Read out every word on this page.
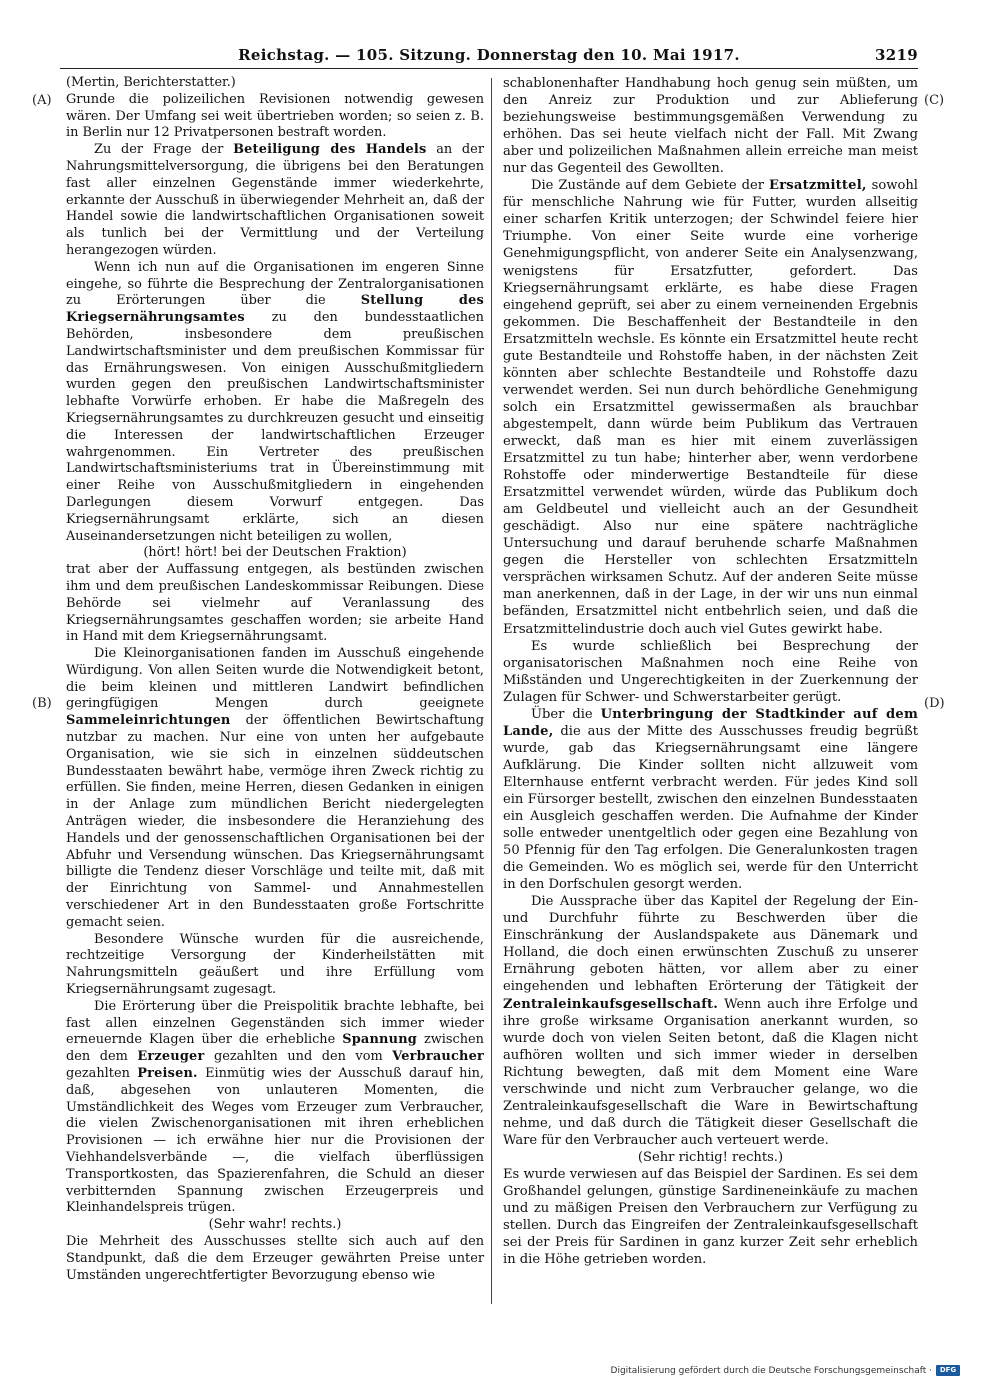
Reichstag. — 105. Sitzung. Donnerstag den 10. Mai 1917.	3219
(A)
(B)
(C)
(D)

(Mertin, Berichterstatter.)

Grunde die polizeilichen Revisionen notwendig gewesen wären. Der Umfang sei weit übertrieben worden; so seien z. B. in Berlin nur 12 Privatpersonen bestraft worden.

Zu der Frage der Beteiligung des Handels an der Nahrungsmittelversorgung, die übrigens bei den Beratungen fast aller einzelnen Gegenstände immer wiederkehrte, erkannte der Ausschuß in überwiegender Mehrheit an, daß der Handel sowie die landwirtschaftlichen Organisationen soweit als tunlich bei der Vermittlung und der Verteilung herangezogen würden.

Wenn ich nun auf die Organisationen im engeren Sinne eingehe, so führte die Besprechung der Zentralorganisationen zu Erörterungen über die	Stellung des Kriegsernährungsamtes zu den bundesstaatlichen Behörden, insbesondere dem preußischen Landwirtschaftsminister und dem preußischen Kommissar für das Ernährungswesen. Von einigen Ausschußmitgliedern wurden gegen den preußischen Landwirtschaftsminister lebhafte Vorwürfe erhoben. Er habe die Maßregeln des Kriegsernährungsamtes zu durchkreuzen gesucht und einseitig die Interessen der landwirtschaftlichen Erzeuger wahrgenommen. Ein Vertreter des preußischen Landwirtschaftsministeriums trat in Übereinstimmung mit einer Reihe von Ausschußmitgliedern in eingehenden Darlegungen diesem Vorwurf entgegen. Das Kriegsernährungsamt erklärte, sich an diesen Auseinandersetzungen nicht beteiligen zu wollen,

(hört! hört! bei der Deutschen Fraktion)

trat aber der Auffassung entgegen, als bestünden zwischen ihm und dem preußischen Landeskommissar Reibungen. Diese Behörde sei vielmehr auf Veranlassung des Kriegsernährungsamtes geschaffen worden; sie arbeite Hand in Hand mit dem Kriegsernährungsamt.

Die Kleinorganisationen fanden im Ausschuß eingehende Würdigung. Von allen Seiten wurde die Notwendigkeit betont, die beim kleinen und mittleren Landwirt befindlichen geringfügigen Mengen durch geeignete Sammeleinrichtungen der öffentlichen Bewirtschaftung nutzbar zu machen. Nur eine von unten her aufgebaute Organisation, wie sie sich in einzelnen süddeutschen Bundesstaaten bewährt habe, vermöge ihren Zweck richtig zu erfüllen. Sie finden, meine Herren, diesen Gedanken in einigen in der Anlage zum mündlichen Bericht niedergelegten Anträgen wieder, die insbesondere die Heranziehung des Handels und der genossenschaftlichen Organisationen bei der Abfuhr und Versendung wünschen. Das Kriegsernährungsamt billigte die Tendenz dieser Vorschläge und teilte mit, daß mit der Einrichtung von Sammel- und Annahmestellen verschiedener Art in den Bundesstaaten große Fortschritte gemacht seien.

Besondere Wünsche wurden für die ausreichende, rechtzeitige Versorgung der Kinderheilstätten mit Nahrungsmitteln geäußert und ihre Erfüllung vom Kriegsernährungsamt zugesagt.

Die Erörterung über die Preispolitik brachte lebhafte, bei fast allen einzelnen Gegenständen sich immer wieder erneuernde Klagen über die erhebliche Spannung zwischen den dem Erzeuger gezahlten und den vom Verbraucher gezahlten Preisen. Einmütig wies der Ausschuß darauf hin, daß, abgesehen von unlauteren Momenten, die Umständlichkeit des Weges vom Erzeuger zum Verbraucher, die vielen Zwischenorganisationen mit ihren erheblichen Provisionen — ich erwähne hier nur die Provisionen der Viehhandelsverbände —, die vielfach überflüssigen Transportkosten, das Spazierenfahren, die Schuld an dieser verbitternden Spannung zwischen Erzeugerpreis und Kleinhandelspreis trügen.

(Sehr wahr! rechts.)

Die Mehrheit des Ausschusses stellte sich auch auf den Standpunkt, daß die dem Erzeuger gewährten Preise unter Umständen ungerechtfertigter Bevorzugung ebenso wie

schablonenhafter Handhabung hoch genug sein müßten, um den Anreiz zur Produktion und zur Ablieferung beziehungsweise bestimmungsgemäßen Verwendung zu erhöhen. Das sei heute vielfach nicht der Fall. Mit Zwang aber und polizeilichen Maßnahmen allein erreiche man meist nur das Gegenteil des Gewollten.

Die Zustände auf dem Gebiete der Ersatzmittel, sowohl für menschliche Nahrung wie für Futter, wurden allseitig einer scharfen Kritik unterzogen; der Schwindel feiere hier Triumphe. Von einer Seite wurde eine vorherige Genehmigungspflicht, von anderer Seite ein Analysenzwang, wenigstens für Ersatzfutter, gefordert. Das Kriegsernährungsamt erklärte, es habe diese Fragen eingehend geprüft, sei aber zu einem verneinenden Ergebnis gekommen. Die Beschaffenheit der Bestandteile in den Ersatzmitteln wechsle. Es könnte ein Ersatzmittel heute recht gute Bestandteile und Rohstoffe haben, in der nächsten Zeit könnten aber schlechte Bestandteile und Rohstoffe dazu verwendet werden. Sei nun durch behördliche Genehmigung solch ein Ersatzmittel gewissermaßen als brauchbar abgestempelt, dann würde beim Publikum das Vertrauen erweckt, daß man es hier mit einem zuverlässigen Ersatzmittel zu tun habe; hinterher aber, wenn verdorbene Rohstoffe oder minderwertige Bestandteile für diese Ersatzmittel verwendet würden, würde das Publikum doch am Geldbeutel und vielleicht auch an der Gesundheit geschädigt. Also nur eine spätere nachträgliche Untersuchung und darauf beruhende scharfe Maßnahmen gegen die Hersteller von schlechten Ersatzmitteln versprächen wirksamen Schutz. Auf der anderen Seite müsse man anerkennen, daß in der Lage, in der wir uns nun einmal befänden, Ersatzmittel nicht entbehrlich seien, und daß die Ersatzmittelindustrie doch auch viel Gutes gewirkt habe.

Es wurde schließlich bei Besprechung der organisatorischen Maßnahmen noch eine Reihe von Mißständen und Ungerechtigkeiten in der Zuerkennung der Zulagen für Schwer- und Schwerstarbeiter gerügt.

Über die Unterbringung der Stadtkinder auf dem Lande, die aus der Mitte des Ausschusses freudig begrüßt wurde, gab das Kriegsernährungsamt eine längere Aufklärung. Die Kinder sollten nicht allzuweit vom Elternhause entfernt verbracht werden. Für jedes Kind soll ein Fürsorger bestellt, zwischen den einzelnen Bundesstaaten ein Ausgleich geschaffen werden. Die Aufnahme der Kinder solle entweder unentgeltlich oder gegen eine Bezahlung von 50 Pfennig für den Tag erfolgen. Die Generalunkosten tragen die Gemeinden. Wo es möglich sei, werde für den Unterricht in den Dorfschulen gesorgt werden.

Die Aussprache über das Kapitel der Regelung der Ein- und Durchfuhr führte zu Beschwerden über die Einschränkung der Auslandspakete aus Dänemark und Holland, die doch einen erwünschten Zuschuß zu unserer Ernährung geboten hätten, vor allem aber zu einer eingehenden und lebhaften Erörterung der Tätigkeit der Zentraleinkaufsgesellschaft. Wenn auch ihre Erfolge und ihre große wirksame Organisation anerkannt wurden, so wurde doch von vielen Seiten betont, daß die Klagen nicht aufhören wollten und sich immer wieder in derselben Richtung bewegten, daß mit dem Moment eine Ware verschwinde und nicht zum Verbraucher gelange, wo die Zentraleinkaufsgesellschaft die Ware in Bewirtschaftung nehme, und daß durch die Tätigkeit dieser Gesellschaft die Ware für den Verbraucher auch verteuert werde.

(Sehr richtig! rechts.)

Es wurde verwiesen auf das Beispiel der Sardinen. Es sei dem Großhandel gelungen, günstige Sardineneinkäufe zu machen und zu mäßigen Preisen den Verbrauchern zur Verfügung zu stellen. Durch das Eingreifen der Zentraleinkaufsgesellschaft sei der Preis für Sardinen in ganz kurzer Zeit sehr erheblich in die Höhe getrieben worden.

Digitalisierung gefördert durch die Deutsche Forschungsgemeinschaft ·	DFG
